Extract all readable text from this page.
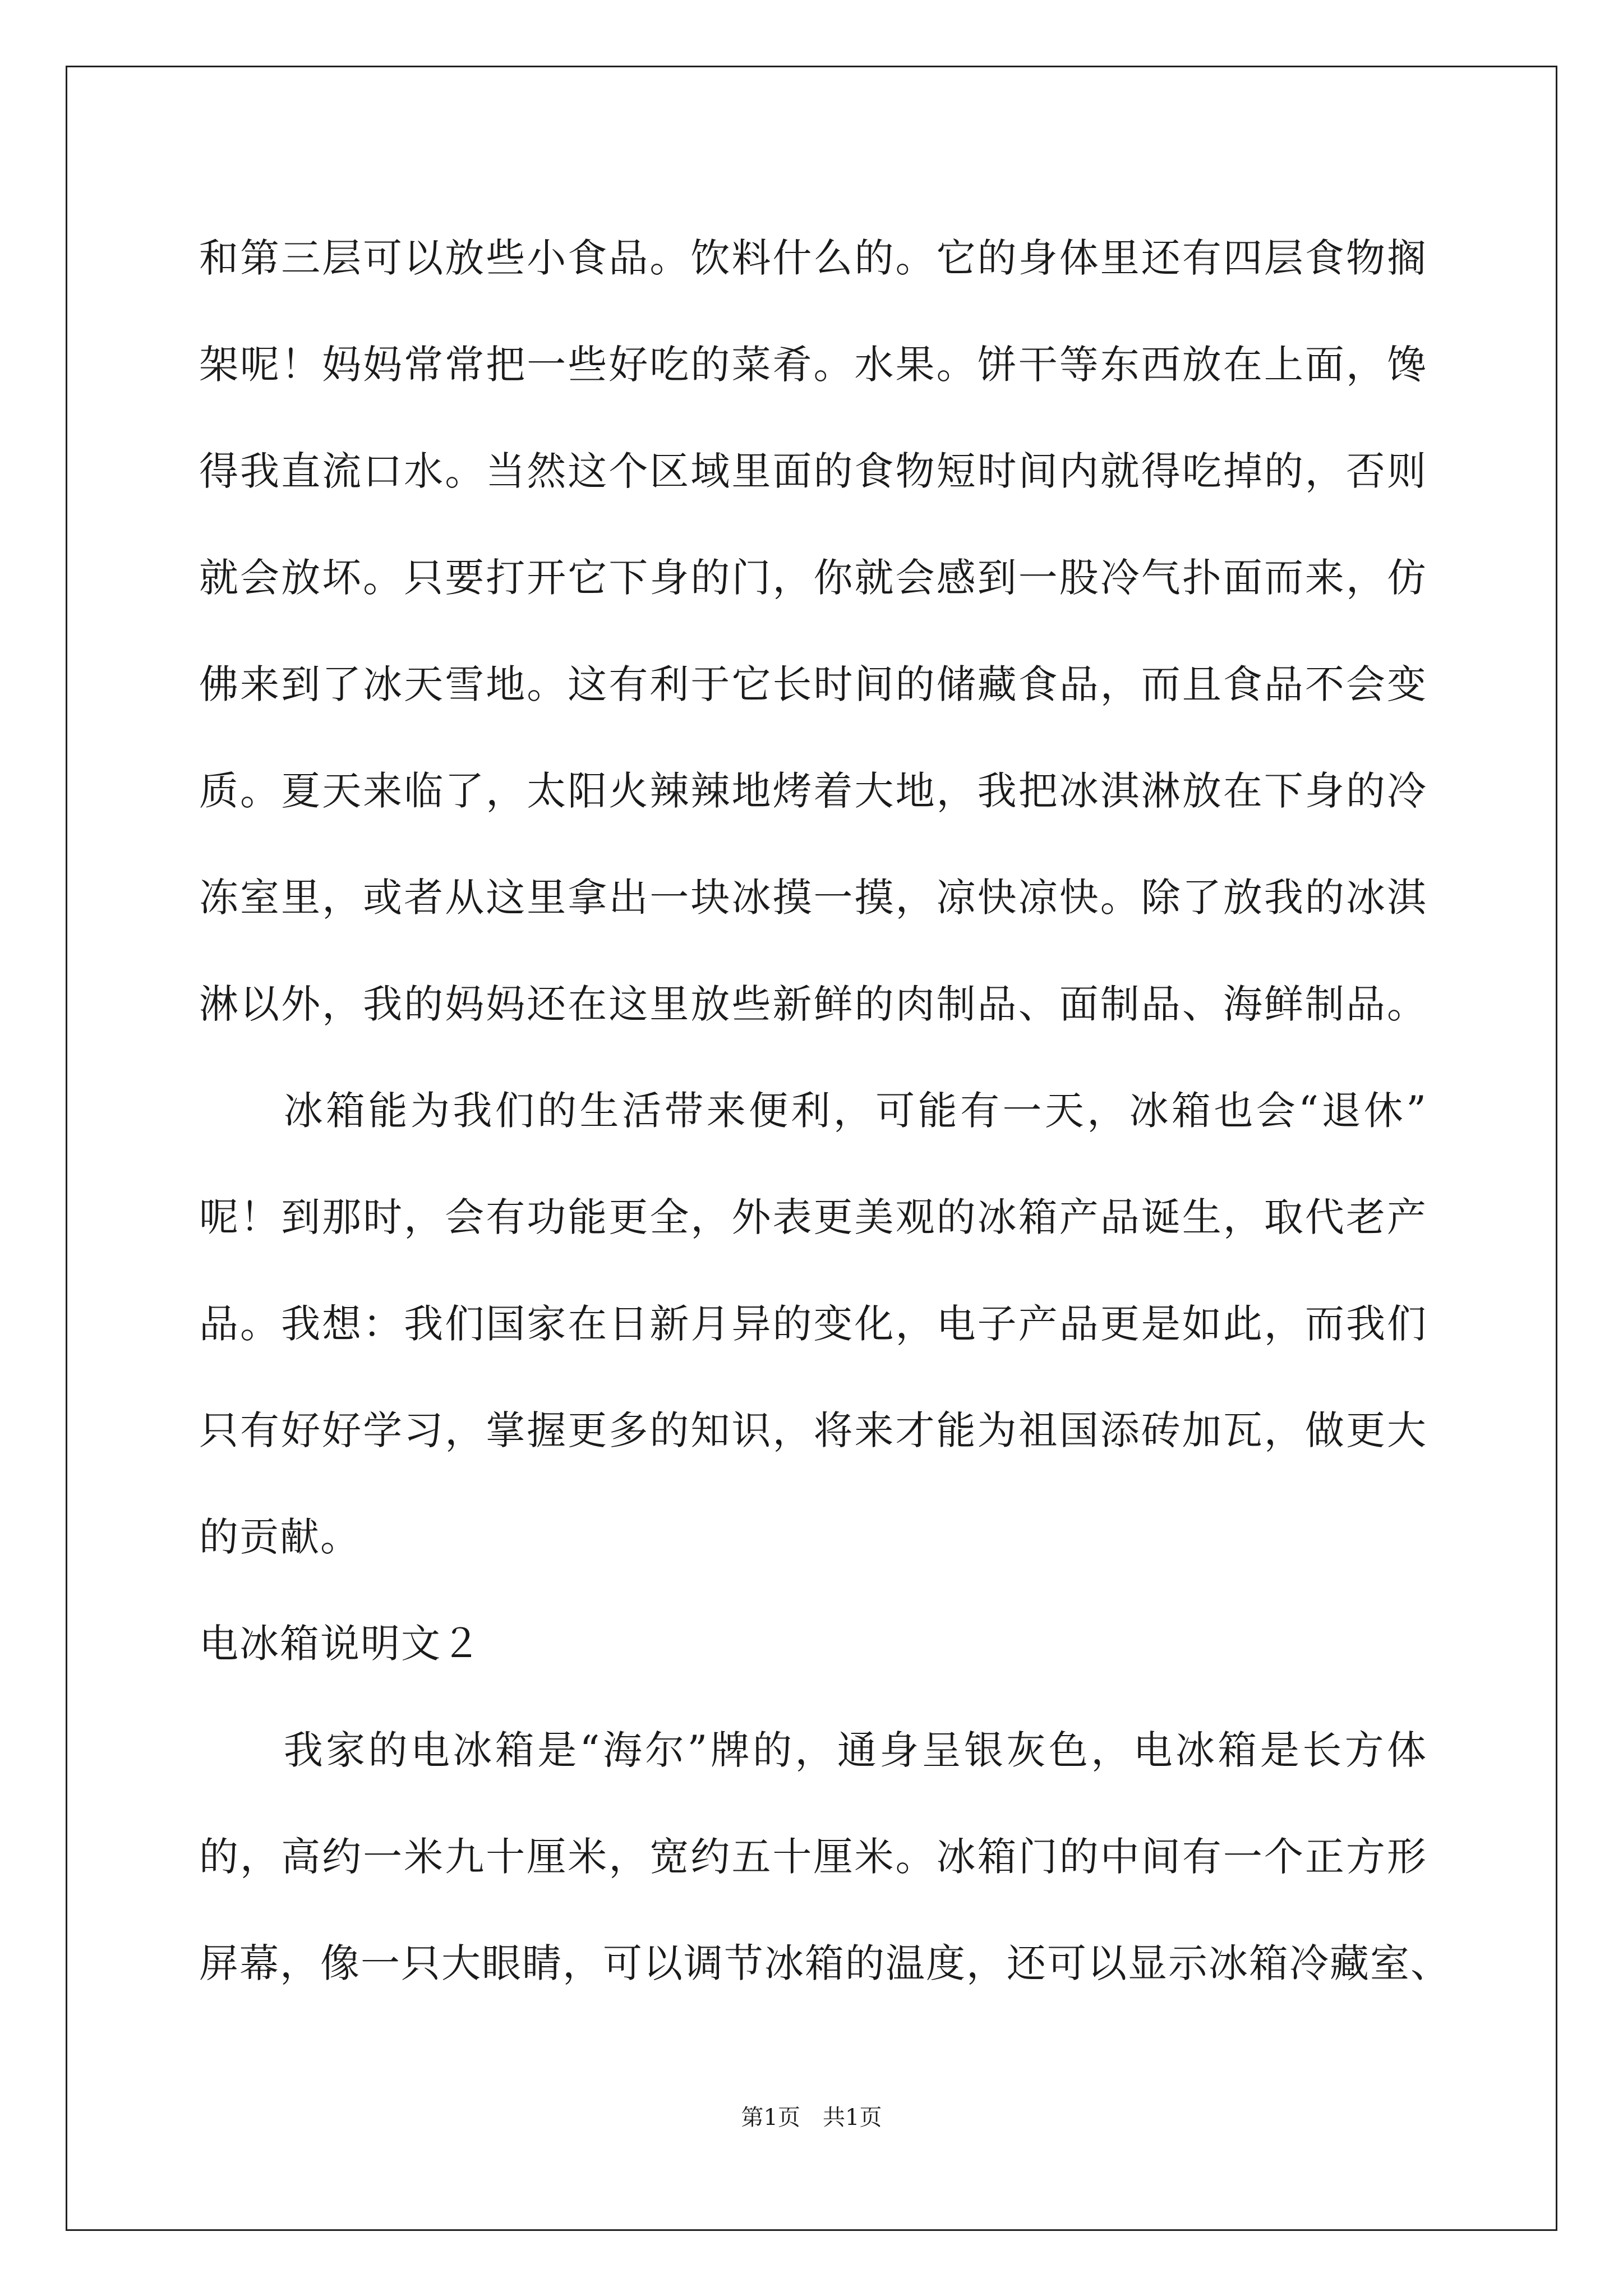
和第三层可以放些小食品。饮料什么的。它的身体里还有四层食物搁
架呢！妈妈常常把一些好吃的菜肴。水果。饼干等东西放在上面，馋
得我直流口水。当然这个区域里面的食物短时间内就得吃掉的，否则
就会放坏。只要打开它下身的门，你就会感到一股冷气扑面而来，仿
佛来到了冰天雪地。这有利于它长时间的储藏食品，而且食品不会变
质。夏天来临了，太阳火辣辣地烤着大地，我把冰淇淋放在下身的冷
冻室里，或者从这里拿出一块冰摸一摸，凉快凉快。除了放我的冰淇
淋以外，我的妈妈还在这里放些新鲜的肉制品、面制品、海鲜制品。
　　冰箱能为我们的生活带来便利，可能有一天，冰箱也会“退休”
呢！到那时，会有功能更全，外表更美观的冰箱产品诞生，取代老产
品。我想：我们国家在日新月异的变化，电子产品更是如此，而我们
只有好好学习，掌握更多的知识，将来才能为祖国添砖加瓦，做更大
的贡献。
电冰箱说明文２
　　我家的电冰箱是“海尔”牌的，通身呈银灰色，电冰箱是长方体
的，高约一米九十厘米，宽约五十厘米。冰箱门的中间有一个正方形
屏幕，像一只大眼睛，可以调节冰箱的温度，还可以显示冰箱冷藏室、
第1页　共1页
